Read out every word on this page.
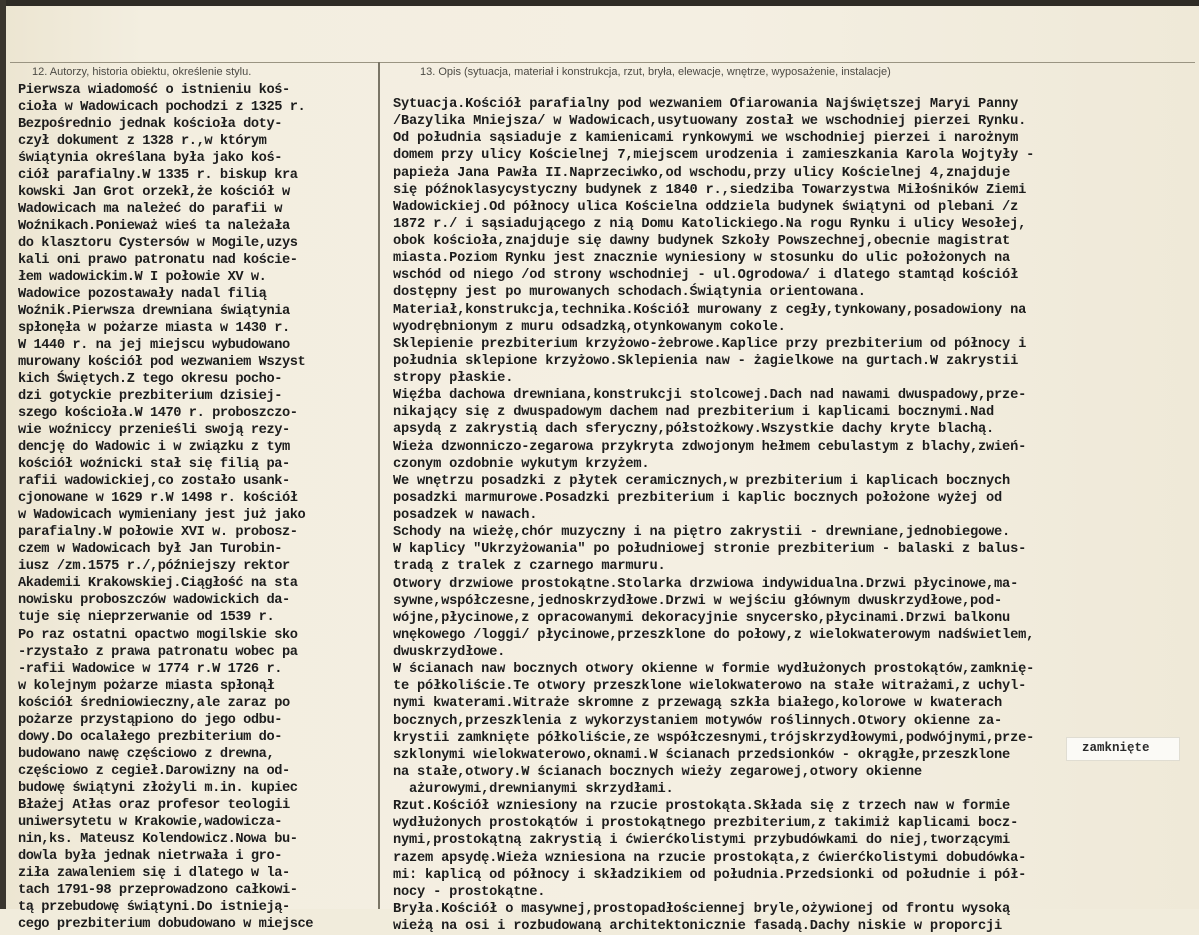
12. Autorzy, historia obiektu, określenie stylu.	13. Opis (sytuacja, materiał i konstrukcja, rzut, bryła, elewacje, wnętrze, wyposażenie, instalacje)
Pierwsza wiadomość o istnieniu koś-
cioła w Wadowicach pochodzi z 1325 r.
Bezpośrednio jednak kościoła doty-
czył dokument z 1328 r.,w którym
świątynia określana była jako koś-
ciół parafialny.W 1335 r. biskup kra
kowski Jan Grot orzekł,że kościół w
Wadowicach ma należeć do parafii w
Woźnikach.Ponieważ wieś ta należała
do klasztoru Cystersów w Mogile,uzys
kali oni prawo patronatu nad koście-
łem wadowickim.W I połowie XV w.
Wadowice pozostawały nadal filią
Woźnik.Pierwsza drewniana świątynia
spłonęła w pożarze miasta w 1430 r.
W 1440 r. na jej miejscu wybudowano
murowany kościół pod wezwaniem Wszyst
kich Świętych.Z tego okresu pocho-
dzi gotyckie prezbiterium dzisiej-
szego kościoła.W 1470 r. proboszczo-
wie woźniccy przenieśli swoją rezy-
dencję do Wadowic i w związku z tym
kościół woźnicki stał się filią pa-
rafii wadowickiej,co zostało usank-
cjonowane w 1629 r.W 1498 r. kościół
w Wadowicach wymieniany jest już jako
parafialny.W połowie XVI w. probosz-
czem w Wadowicach był Jan Turobin-
iusz /zm.1575 r./,późniejszy rektor
Akademii Krakowskiej.Ciągłość na sta
nowisku proboszczów wadowickich da-
tuje się nieprzerwanie od 1539 r.
Po raz ostatni opactwo mogilskie sko
-rzystało z prawa patronatu wobec pa
-rafii Wadowice w 1774 r.W 1726 r.
w kolejnym pożarze miasta spłonął
kościół średniowieczny,ale zaraz po
pożarze przystąpiono do jego odbu-
dowy.Do ocalałego prezbiterium do-
budowano nawę częściowo z drewna,
częściowo z cegieł.Darowizny na od-
budowę świątyni złożyli m.in. kupiec
Błażej Atłas oraz profesor teologii
uniwersytetu w Krakowie,wadowicza-
nin,ks. Mateusz Kolendowicz.Nowa bu-
dowla była jednak nietrwała i gro-
ziła zawaleniem się i dlatego w la-
tach 1791-98 przeprowadzono całkowi-
tą przebudowę świątyni.Do istnieją-
cego prezbiterium dobudowano w miejsce
Sytuacja.Kościół parafialny pod wezwaniem Ofiarowania Najświętszej Maryi Panny
/Bazylika Mniejsza/ w Wadowicach,usytuowany został we wschodniej pierzei Rynku.
Od południa sąsiaduje z kamienicami rynkowymi we wschodniej pierzei i narożnym
domem przy ulicy Kościelnej 7,miejscem urodzenia i zamieszkania Karola Wojtyły -
papieża Jana Pawła II.Naprzeciwko,od wschodu,przy ulicy Kościelnej 4,znajduje
się późnoklasycystyczny budynek z 1840 r.,siedziba Towarzystwa Miłośników Ziemi
Wadowickiej.Od północy ulica Kościelna oddziela budynek świątyni od plebani /z
1872 r./ i sąsiadującego z nią Domu Katolickiego.Na rogu Rynku i ulicy Wesołej,
obok kościoła,znajduje się dawny budynek Szkoły Powszechnej,obecnie magistrat
miasta.Poziom Rynku jest znacznie wyniesiony w stosunku do ulic położonych na
wschód od niego /od strony wschodniej - ul.Ogrodowa/ i dlatego stamtąd kościół
dostępny jest po murowanych schodach.Świątynia orientowana.
Materiał,konstrukcja,technika.Kościół murowany z cegły,tynkowany,posadowiony na
wyodrębnionym z muru odsadzką,otynkowanym cokole.
Sklepienie prezbiterium krzyżowo-żebrowe.Kaplice przy prezbiterium od północy i
południa sklepione krzyżowo.Sklepienia naw - żagielkowe na gurtach.W zakrystii
stropy płaskie.
Więźba dachowa drewniana,konstrukcji stolcowej.Dach nad nawami dwuspadowy,prze-
nikający się z dwuspadowym dachem nad prezbiterium i kaplicami bocznymi.Nad
apsydą z zakrystią dach sferyczny,półstożkowy.Wszystkie dachy kryte blachą.
Wieża dzwonniczo-zegarowa przykryta zdwojonym hełmem cebulastym z blachy,zwień-
czonym ozdobnie wykutym krzyżem.
We wnętrzu posadzki z płytek ceramicznych,w prezbiterium i kaplicach bocznych
posadzki marmurowe.Posadzki prezbiterium i kaplic bocznych położone wyżej od
posadzek w nawach.
Schody na wieżę,chór muzyczny i na piętro zakrystii - drewniane,jednobiegowe.
W kaplicy "Ukrzyżowania" po południowej stronie prezbiterium - balaski z balus-
tradą z tralek z czarnego marmuru.
Otwory drzwiowe prostokątne.Stolarka drzwiowa indywidualna.Drzwi płycinowe,ma-
sywne,współczesne,jednoskrzydłowe.Drzwi w wejściu głównym dwuskrzydłowe,pod-
wójne,płycinowe,z opracowanymi dekoracyjnie snycersko,płycinami.Drzwi balkonu
wnękowego /loggi/ płycinowe,przeszklone do połowy,z wielokwaterowym nadświetlem,
dwuskrzydłowe.
W ścianach naw bocznych otwory okienne w formie wydłużonych prostokątów,zamknię-
te półkoliście.Te otwory przeszklone wielokwaterowo na stałe witrażami,z uchyl-
nymi kwaterami.Witraże skromne z przewagą szkła białego,kolorowe w kwaterach
bocznych,przeszklenia z wykorzystaniem motywów roślinnych.Otwory okienne za-
krystii zamknięte półkoliście,ze współczesnymi,trójskrzydłowymi,podwójnymi,prze-
szklonymi wielokwaterowo,oknami.W ścianach przedsionków - okrągłe,przeszklone
na stałe,otwory.W ścianach bocznych wieży zegarowej,otwory okienne
ażurowymi,drewnianymi skrzydłami.
Rzut.Kościół wzniesiony na rzucie prostokąta.Składa się z trzech naw w formie
wydłużonych prostokątów i prostokątnego prezbiterium,z takimiż kaplicami bocz-
nymi,prostokątną zakrystią i ćwierćkolistymi przybudówkami do niej,tworzącymi
razem apsydę.Wieża wzniesiona na rzucie prostokąta,z ćwierćkolistymi dobudówka-
mi: kaplicą od północy i składzikiem od południa.Przedsionki od południe i pół-
nocy - prostokątne.
Bryła.Kościół o masywnej,prostopadłościennej bryle,ożywionej od frontu wysoką
wieżą na osi i rozbudowaną architektonicznie fasadą.Dachy niskie w proporcji
zamknięte
